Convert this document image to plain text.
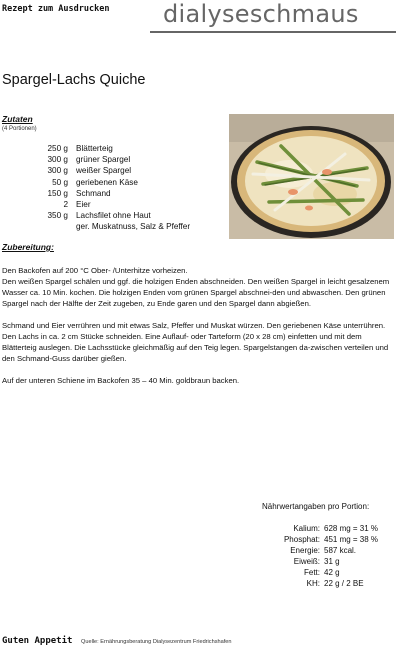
Rezept zum Ausdrucken dialyseschmaus
Spargel-Lachs Quiche
Zutaten
(4 Portionen)
250 g Blätterteig
300 g grüner Spargel
300 g weißer Spargel
50 g geriebenen Käse
150 g Schmand
2 Eier
350 g Lachsfilet ohne Haut
ger. Muskatnuss, Salz & Pfeffer
Zubereitung:

Den Backofen auf 200 °C Ober- /Unterhitze vorheizen.
Den weißen Spargel schälen und ggf. die holzigen Enden abschneiden. Den weißen Spargel in leicht gesalzenem Wasser ca. 10 Min. kochen. Die holzigen Enden vom grünen Spargel abschnei-den und abwaschen. Den grünen Spargel nach der Hälfte der Zeit zugeben, zu Ende garen und den Spargel dann abgießen.

Schmand und Eier verrühren und mit etwas Salz, Pfeffer und Muskat würzen. Den geriebenen Käse unterrühren.
Den Lachs in ca. 2 cm Stücke schneiden. Eine Auflauf- oder Tarteform (20 x 28 cm) einfetten und mit dem Blätterteig auslegen. Die Lachsstücke gleichmäßig auf den Teig legen. Spargelstangen da-zwischen verteilen und den Schmand-Guss darüber gießen.

Auf der unteren Schiene im Backofen 35 – 40 Min. goldbraun backen.

Nährwertangaben pro Portion:
Kalium: 628 mg = 31 %
Phosphat: 451 mg = 38 %
Energie: 587 kcal.
Eiweiß: 31 g
Fett: 42 g
KH: 22 g / 2 BE
Guten Appetit Quelle: Ernährungsberatung Dialysezentrum Friedrichshafen
